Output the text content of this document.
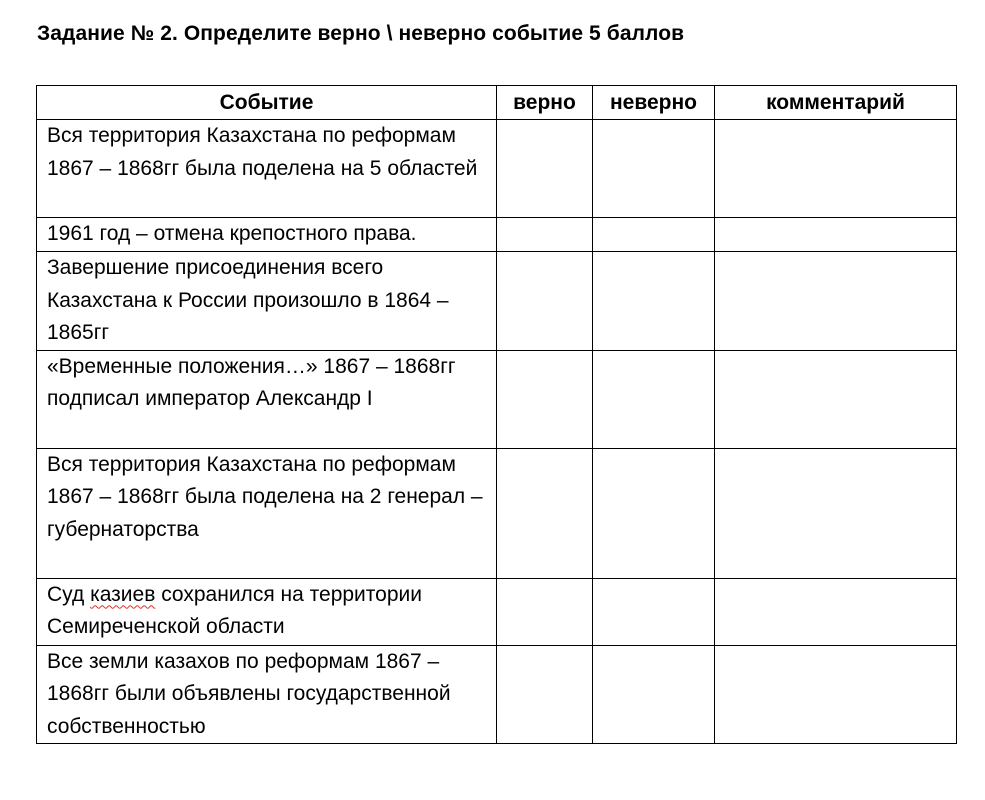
Задание № 2. Определите верно \ неверно событие 5 баллов
Событие	верно	неверно	комментарий
Вся территория Казахстана по реформам 1867 – 1868гг была поделена на 5 областей			
1961 год – отмена крепостного права.			
Завершение присоединения всего Казахстана к России произошло в 1864 – 1865гг			
«Временные положения…» 1867 – 1868гг подписал император Александр I			
Вся территория Казахстана по реформам 1867 – 1868гг была поделена на 2 генерал – губернаторства			
Суд казиев сохранился на территории Семиреченской области			
Все земли казахов по реформам 1867 – 1868гг были объявлены государственной собственностью			
